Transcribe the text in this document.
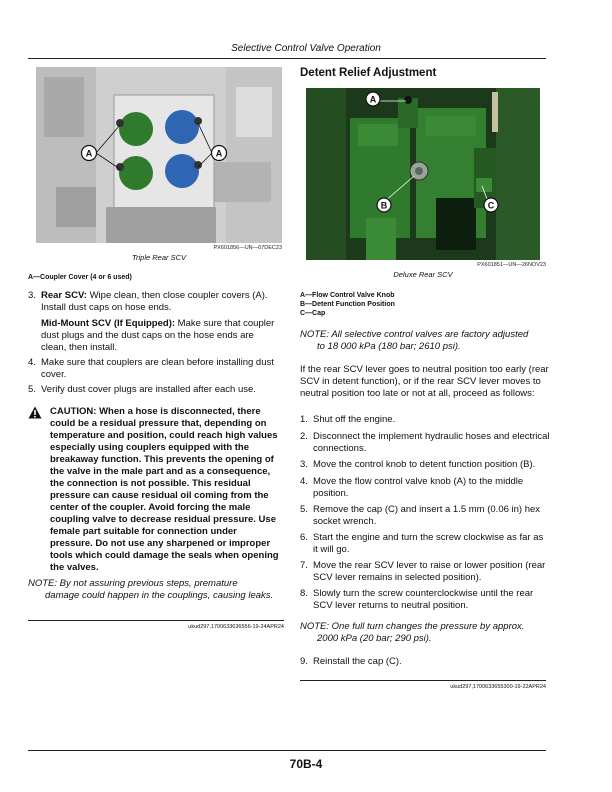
Selective Control Valve Operation
A	A
PX601856—UN—07DEC23
Triple Rear SCV
A—Coupler Cover (4 or 6 used)
3. Rear SCV: Wipe clean, then close coupler covers (A). Install dust caps on hose ends.
Mid-Mount SCV (If Equipped): Make sure that coupler dust plugs and the dust caps on the hose ends are clean, then install.
4. Make sure that couplers are clean before installing dust cover.
5. Verify dust cover plugs are installed after each use.
CAUTION: When a hose is disconnected, there could be a residual pressure that, depending on temperature and position, could reach high values especially using couplers equipped with the breakaway function. This prevents the opening of the valve in the male part and as a consequence, the connection is not possible. This residual pressure can cause residual oil coming from the center of the coupler. Avoid forcing the male coupling valve to decrease residual pressure. Use female part suitable for connection under pressure. Do not use any sharpened or improper tools which could damage the seals when opening the valves.
NOTE: By not assuring previous steps, premature
damage could happen in the couplings, causing leaks.
ukud297,1700633636556-19-24APR24
Detent Relief Adjustment
A
B	C
PX601851—UN—26NOV23
Deluxe Rear SCV
A—Flow Control Valve Knob
B—Detent Function Position
C—Cap
NOTE: All selective control valves are factory adjusted
to 18 000 kPa (180 bar; 2610 psi).
If the rear SCV lever goes to neutral position too early (rear SCV in detent function), or if the rear SCV lever moves to neutral position too late or not at all, proceed as follows:
1. Shut off the engine.
2. Disconnect the implement hydraulic hoses and electrical connections.
3. Move the control knob to detent function position (B).
4. Move the flow control valve knob (A) to the middle position.
5. Remove the cap (C) and insert a 1.5 mm (0.06 in) hex socket wrench.
6. Start the engine and turn the screw clockwise as far as it will go.
7. Move the rear SCV lever to raise or lower position (rear SCV lever remains in selected position).
8. Slowly turn the screw counterclockwise until the rear SCV lever returns to neutral position.
NOTE: One full turn changes the pressure by approx.
2000 kPa (20 bar; 290 psi).
9. Reinstall the cap (C).
ukud297,1700633655300-19-22APR24
70B-4
